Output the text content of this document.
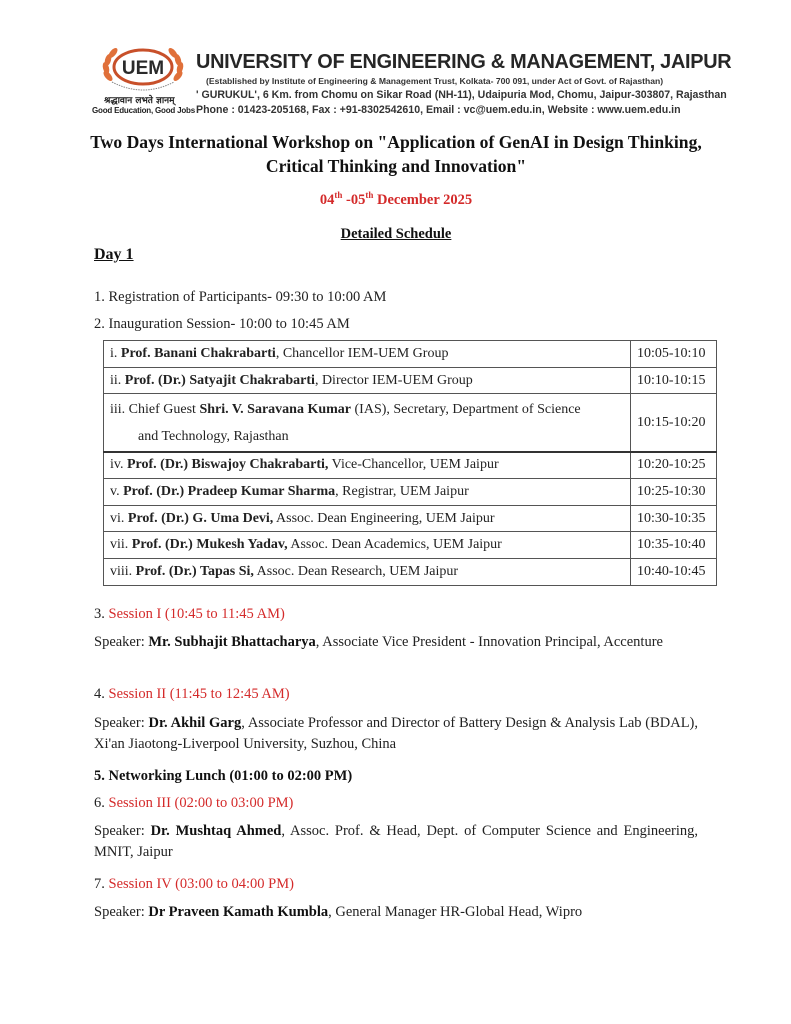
UEM
श्रद्धावान लभते ज्ञानम्
Good Education, Good Jobs
UNIVERSITY OF ENGINEERING & MANAGEMENT, JAIPUR
(Established by Institute of Engineering & Management Trust, Kolkata- 700 091, under Act of Govt. of Rajasthan)
' GURUKUL', 6 Km. from Chomu on Sikar Road (NH-11), Udaipuria Mod, Chomu, Jaipur-303807, Rajasthan
Phone : 01423-205168, Fax : +91-8302542610, Email : vc@uem.edu.in, Website : www.uem.edu.in
Two Days International Workshop on "Application of GenAI in Design Thinking, Critical Thinking and Innovation"
04th -05th December 2025
Detailed Schedule
Day 1
1. Registration of Participants- 09:30 to 10:00 AM
2. Inauguration Session- 10:00 to 10:45 AM
i. Prof. Banani Chakrabarti, Chancellor IEM-UEM Group	10:05-10:10
ii. Prof. (Dr.) Satyajit Chakrabarti, Director IEM-UEM Group	10:10-10:15
iii. Chief Guest Shri. V. Saravana Kumar (IAS), Secretary, Department of Science
and Technology, Rajasthan	10:15-10:20
iv. Prof. (Dr.) Biswajoy Chakrabarti, Vice-Chancellor, UEM Jaipur	10:20-10:25
v. Prof. (Dr.) Pradeep Kumar Sharma, Registrar, UEM Jaipur	10:25-10:30
vi. Prof. (Dr.) G. Uma Devi, Assoc. Dean Engineering, UEM Jaipur	10:30-10:35
vii. Prof. (Dr.) Mukesh Yadav, Assoc. Dean Academics, UEM Jaipur	10:35-10:40
viii. Prof. (Dr.) Tapas Si, Assoc. Dean Research, UEM Jaipur	10:40-10:45
3. Session I (10:45 to 11:45 AM)
Speaker: Mr. Subhajit Bhattacharya, Associate Vice President - Innovation Principal, Accenture
4. Session II (11:45 to 12:45 AM)
Speaker: Dr. Akhil Garg, Associate Professor and Director of Battery Design & Analysis Lab (BDAL), Xi'an Jiaotong-Liverpool University, Suzhou, China
5. Networking Lunch (01:00 to 02:00 PM)
6. Session III (02:00 to 03:00 PM)
Speaker: Dr. Mushtaq Ahmed, Assoc. Prof. & Head, Dept. of Computer Science and Engineering, MNIT, Jaipur
7. Session IV (03:00 to 04:00 PM)
Speaker: Dr Praveen Kamath Kumbla, General Manager HR-Global Head, Wipro
